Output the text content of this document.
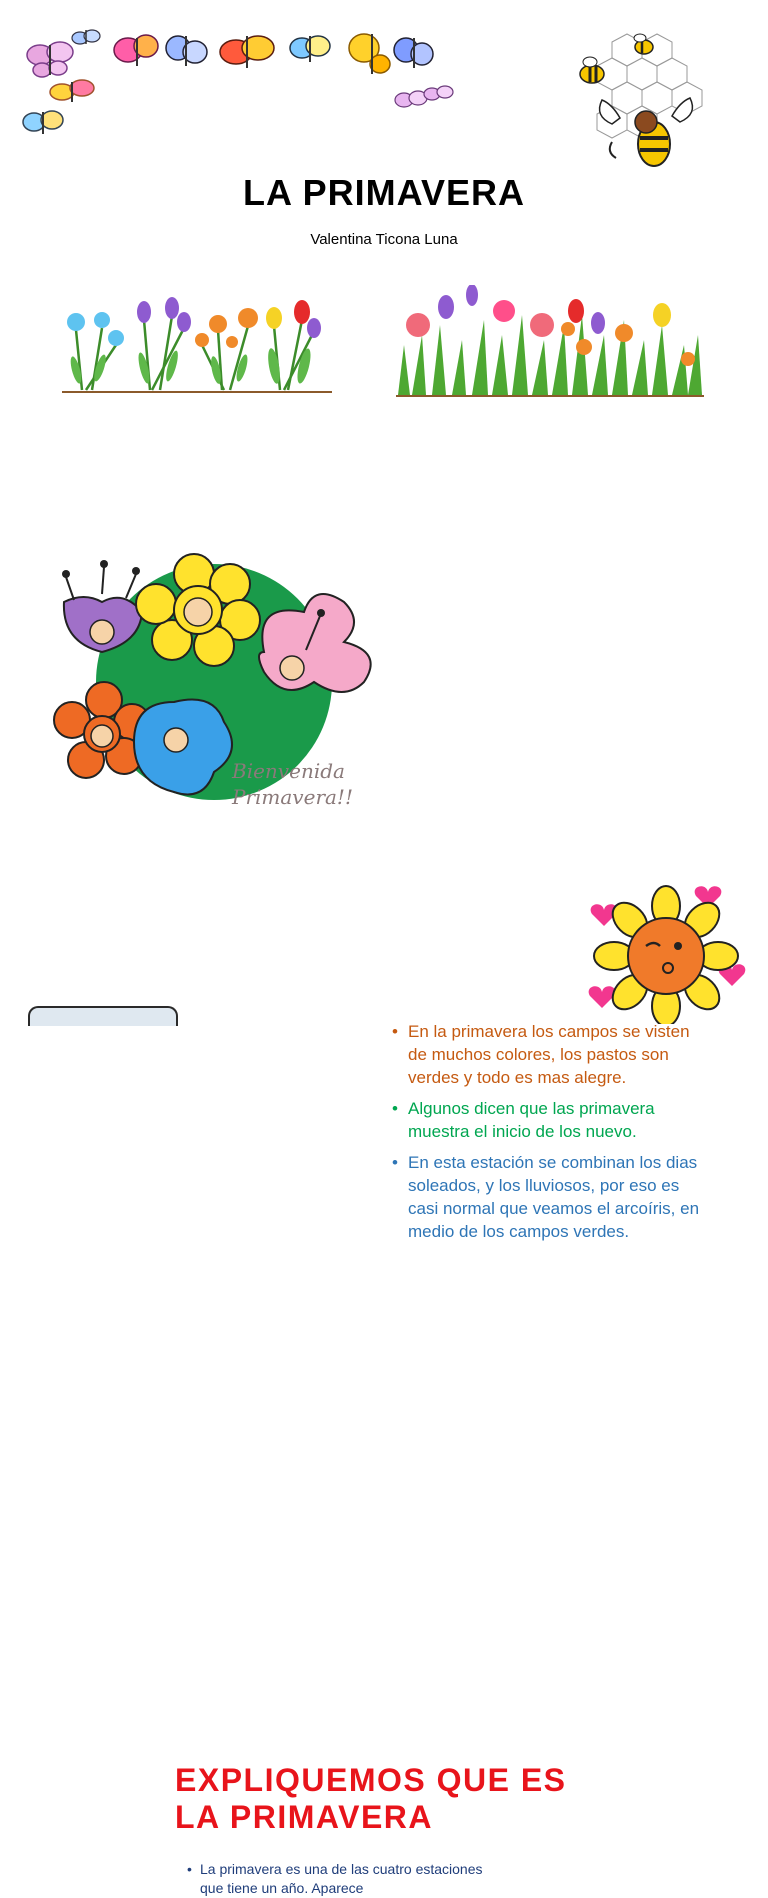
LA PRIMAVERA
Valentina Ticona Luna
Bienvenida Primavera!!
• En la primavera los campos se visten de muchos colores, los pastos son verdes y todo es mas alegre.
• Algunos dicen que las primavera muestra el inicio de los nuevo.
• En esta estación se combinan los dias soleados, y los lluviosos, por eso es casi normal que veamos el arcoíris, en medio de los campos verdes.
EXPLIQUEMOS QUE ES LA PRIMAVERA
• La primavera es una de las cuatro estaciones que tiene un año. Aparece
